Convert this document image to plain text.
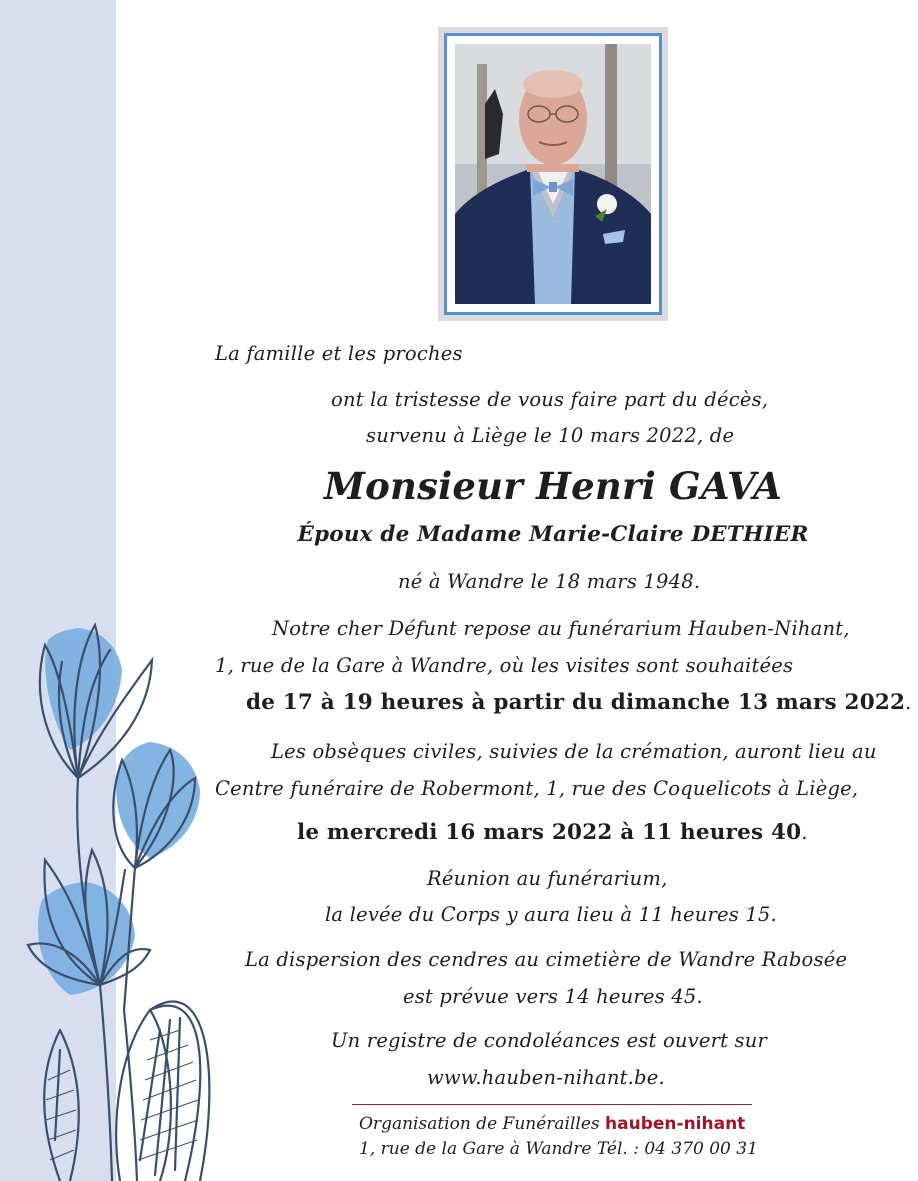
La famille et les proches
ont la tristesse de vous faire part du décès,
survenu à Liège le 10 mars 2022, de
Monsieur Henri GAVA
Époux de Madame Marie-Claire DETHIER
né à Wandre le 18 mars 1948.
Notre cher Défunt repose au funérarium Hauben-Nihant,
1, rue de la Gare à Wandre, où les visites sont souhaitées
de 17 à 19 heures à partir du dimanche 13 mars 2022.
Les obsèques civiles, suivies de la crémation, auront lieu au
Centre funéraire de Robermont, 1, rue des Coquelicots à Liège,
le mercredi 16 mars 2022 à 11 heures 40.
Réunion au funérarium,
la levée du Corps y aura lieu à 11 heures 15.
La dispersion des cendres au cimetière de Wandre Rabosée
est prévue vers 14 heures 45.
Un registre de condoléances est ouvert sur
www.hauben-nihant.be.
Organisation de Funérailles hauben-nihant
1, rue de la Gare à Wandre Tél. : 04 370 00 31
